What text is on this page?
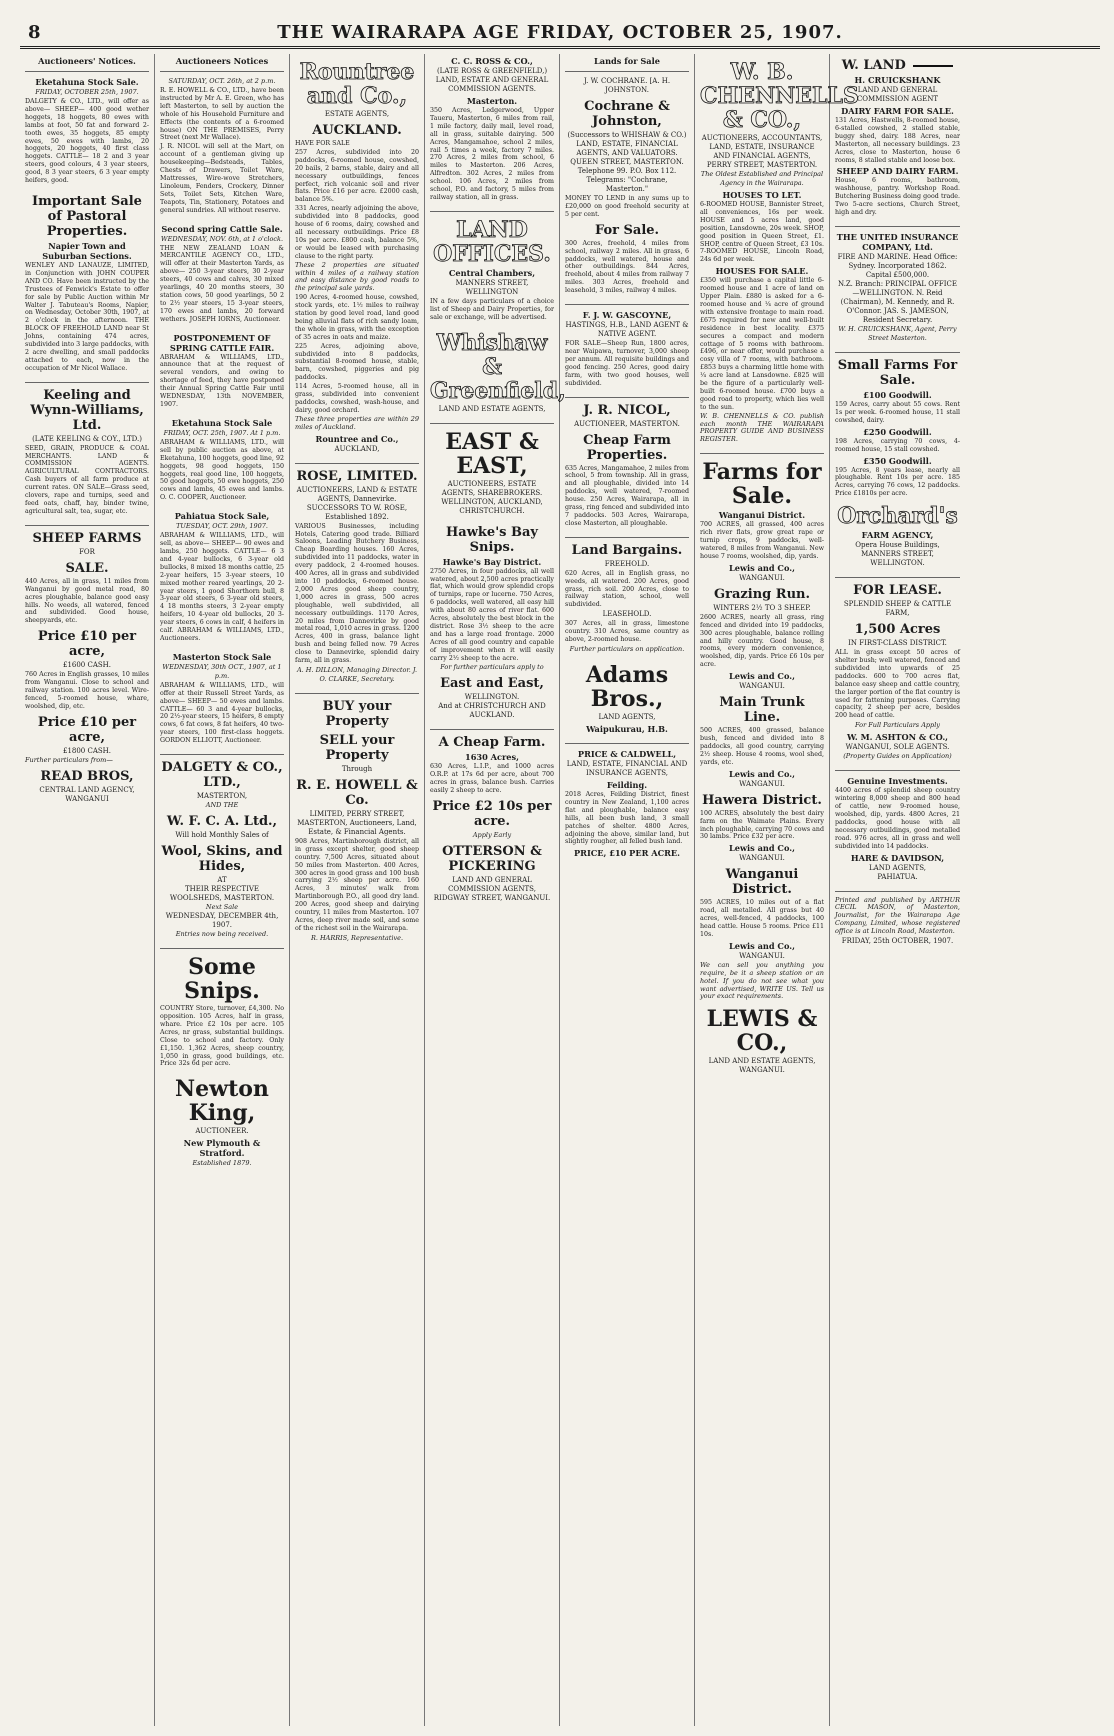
8	THE WAIRARAPA AGE FRIDAY, OCTOBER 25, 1907.
Auctioneers' Notices.
Eketahuna Stock Sale.
FRIDAY, OCTOBER 25th, 1907.
DALGETY & CO., LTD., will offer as above— SHEEP— 400 good wether hoggets, 18 hoggets, 80 ewes with lambs at foot, 50 fat and forward 2-tooth ewes, 35 hoggets, 85 empty ewes, 50 ewes with lambs, 20 hoggets, 20 hoggets, 40 first class hoggets. CATTLE— 18 2 and 3 year steers, good colours, 4 3 year steers, good, 8 3 year steers, 6 3 year empty heifers, good.
Important Sale of Pastoral Properties.
Napier Town and Suburban Sections.
WENLEY AND LANAUZE, LIMITED, in Conjunction with JOHN COUPER AND CO. Have been instructed by the Trustees of Fenwick's Estate to offer for sale by Public Auction within Mr Walter J. Tabuteau's Rooms, Napier, on Wednesday, October 30th, 1907, at 2 o'clock in the afternoon. THE BLOCK OF FREEHOLD LAND near St Johns, containing 474 acres, subdivided into 3 large paddocks, with 2 acre dwelling, and small paddocks attached to each, now in the occupation of Mr Nicol Wallace.
Keeling and Wynn-Williams, Ltd.
(LATE KEELING & COY., LTD.)
SEED, GRAIN, PRODUCE & COAL MERCHANTS. LAND & COMMISSION AGENTS. AGRICULTURAL CONTRACTORS. Cash buyers of all farm produce at current rates. ON SALE—Grass seed, clovers, rape and turnips, seed and feed oats, chaff, hay, binder twine, agricultural salt, tea, sugar, etc.
SHEEP FARMS
FOR
SALE.
440 Acres, all in grass, 11 miles from Wanganui by good metal road, 80 acres ploughable, balance good easy hills. No weeds, all watered, fenced and subdivided. Good house, sheepyards, etc.
Price £10 per acre,
£1600 CASH.
760 Acres in English grasses, 10 miles from Wanganui. Close to school and railway station. 100 acres level. Wire-fenced, 5-roomed house, whare, woolshed, dip, etc.
Price £10 per acre,
£1800 CASH.
Further particulars from—
READ BROS,
CENTRAL LAND AGENCY, WANGANUI
Auctioneers Notices
SATURDAY, OCT. 26th, at 2 p.m.
R. E. HOWELL & CO., LTD., have been instructed by Mr A. E. Green, who has left Masterton, to sell by auction the whole of his Household Furniture and Effects (the contents of a 6-roomed house) ON THE PREMISES, Perry Street (next Mr Wallace).
J. R. NICOL will sell at the Mart, on account of a gentleman giving up housekeeping—Bedsteads, Tables, Chests of Drawers, Toilet Ware, Mattresses, Wire-wove Stretchers, Linoleum, Fenders, Crockery, Dinner Sets, Toilet Sets, Kitchen Ware, Teapots, Tin, Stationery, Potatoes and general sundries. All without reserve.
Second spring Cattle Sale.
WEDNESDAY, NOV. 6th, at 1 o'clock.
THE NEW ZEALAND LOAN & MERCANTILE AGENCY CO., LTD., will offer at their Masterton Yards, as above— 250 3-year steers, 30 2-year steers, 40 cows and calves, 30 mixed yearlings, 40 20 months steers, 30 station cows, 50 good yearlings, 50 2 to 2½ year steers, 15 3-year steers, 170 ewes and lambs, 20 forward wethers. JOSEPH IORNS, Auctioneer.
POSTPONEMENT OF SPRING CATTLE FAIR.
ABRAHAM & WILLIAMS, LTD., announce that at the request of several vendors, and owing to shortage of feed, they have postponed their Annual Spring Cattle Fair until WEDNESDAY, 13th NOVEMBER, 1907.
Eketahuna Stock Sale
FRIDAY, OCT. 25th, 1907. At 1 p.m.
ABRAHAM & WILLIAMS, LTD., will sell by public auction as above, at Eketahuna, 100 hoggets, good line, 92 hoggets, 98 good hoggets, 150 hoggets, real good line, 100 hoggets, 50 good hoggets, 50 ewe hoggets, 250 cows and lambs, 45 ewes and lambs. O. C. COOPER, Auctioneer.
Pahiatua Stock Sale,
TUESDAY, OCT. 29th, 1907.
ABRAHAM & WILLIAMS, LTD., will sell, as above— SHEEP— 90 ewes and lambs, 250 hoggets. CATTLE— 6 3 and 4-year bullocks, 6 3-year old bullocks, 8 mixed 18 months cattle, 25 2-year heifers, 15 3-year steers, 10 mixed mother reared yearlings, 20 2-year steers, 1 good Shorthorn bull, 8 3-year old steers, 6 3-year old steers, 4 18 months steers, 3 2-year empty heifers, 10 4-year old bullocks, 20 3-year steers, 6 cows in calf, 4 heifers in calf. ABRAHAM & WILLIAMS, LTD., Auctioneers.
Masterton Stock Sale
WEDNESDAY, 30th OCT., 1907, at 1 p.m.
ABRAHAM & WILLIAMS, LTD., will offer at their Russell Street Yards, as above— SHEEP— 50 ewes and lambs. CATTLE— 60 3 and 4-year bullocks, 20 2½-year steers, 15 heifers, 8 empty cows, 6 fat cows, 8 fat heifers, 40 two-year steers, 100 first-class hoggets. GORDON ELLIOTT, Auctioneer.
DALGETY & CO., LTD.,
MASTERTON,
AND THE
W. F. C. A. Ltd.,
Will hold Monthly Sales of
Wool, Skins, and Hides,
AT
THEIR RESPECTIVE WOOLSHEDS, MASTERTON.
Next Sale
WEDNESDAY, DECEMBER 4th, 1907.
Entries now being received.
Some Snips.
COUNTRY Store, turnover, £4,300. No opposition. 105 Acres, half in grass, whare. Price £2 10s per acre. 105 Acres, nr grass, substantial buildings. Close to school and factory. Only £1,150. 1,362 Acres, sheep country, 1,050 in grass, good buildings, etc. Price 32s 6d per acre.
Newton King,
AUCTIONEER.
New Plymouth & Stratford.
Established 1879.
Rountree and Co.,
ESTATE AGENTS,
AUCKLAND.
HAVE FOR SALE
257 Acres, subdivided into 20 paddocks, 6-roomed house, cowshed, 20 bails, 2 barns, stable, dairy and all necessary outbuildings, fences perfect, rich volcanic soil and river flats. Price £16 per acre. £2000 cash, balance 5%.
331 Acres, nearly adjoining the above, subdivided into 8 paddocks, good house of 6 rooms, dairy, cowshed and all necessary outbuildings. Price £8 10s per acre. £800 cash, balance 5%, or would be leased with purchasing clause to the right party.
These 2 properties are situated within 4 miles of a railway station and easy distance by good roads to the principal sale yards.
190 Acres, 4-roomed house, cowshed, stock yards, etc. 1½ miles to railway station by good level road, land good being alluvial flats of rich sandy loam, the whole in grass, with the exception of 35 acres in oats and maize.
225 Acres, adjoining above, subdivided into 8 paddocks, substantial 8-roomed house, stable, barn, cowshed, piggeries and pig paddocks.
114 Acres, 5-roomed house, all in grass, subdivided into convenient paddocks, cowshed, wash-house, and dairy, good orchard.
These three properties are within 29 miles of Auckland.
Rountree and Co.,
AUCKLAND,
ROSE, LIMITED.
AUCTIONEERS, LAND & ESTATE AGENTS, Dannevirke. SUCCESSORS TO W. ROSE, Established 1892.
VARIOUS Businesses, including Hotels, Catering good trade. Billiard Saloons, Leading Butchery Business, Cheap Boarding houses. 160 Acres, subdivided into 11 paddocks, water in every paddock, 2 4-roomed houses. 400 Acres, all in grass and subdivided into 10 paddocks, 6-roomed house. 2,000 Acres good sheep country, 1,000 acres in grass, 500 acres ploughable, well subdivided, all necessary outbuildings. 1170 Acres, 20 miles from Dannevirke by good metal road, 1,010 acres in grass. 1200 Acres, 400 in grass, balance light bush and being felled now. 79 Acres close to Dannevirke, splendid dairy farm, all in grass.
A. H. DILLON, Managing Director. J. O. CLARKE, Secretary.
BUY your Property
SELL your Property
Through
R. E. HOWELL & Co.
LIMITED, PERRY STREET, MASTERTON, Auctioneers, Land, Estate, & Financial Agents.
908 Acres, Martinborough district, all in grass except shelter, good sheep country. 7,500 Acres, situated about 50 miles from Masterton. 400 Acres, 300 acres in good grass and 100 bush carrying 2½ sheep per acre. 160 Acres, 3 minutes' walk from Martinborough P.O., all good dry land. 200 Acres, good sheep and dairying country, 11 miles from Masterton. 107 Acres, deep river made soil, and some of the richest soil in the Wairarapa.
R. HARRIS, Representative.
C. C. ROSS & CO.,
(LATE ROSS & GREENFIELD,) LAND, ESTATE AND GENERAL COMMISSION AGENTS.
Masterton.
350 Acres, Ledgerwood, Upper Taueru, Masterton, 6 miles from rail, 1 mile factory, daily mail, level road, all in grass, suitable dairying. 500 Acres, Mangamahoe, school 2 miles, rail 5 times a week, factory 7 miles. 270 Acres, 2 miles from school, 6 miles to Masterton. 206 Acres, Alfredton. 302 Acres, 2 miles from school. 106 Acres, 2 miles from school, P.O. and factory, 5 miles from railway station, all in grass.
LAND OFFICES.
Central Chambers,
MANNERS STREET, WELLINGTON
IN a few days particulars of a choice list of Sheep and Dairy Properties, for sale or exchange, will be advertised.
Whishaw & Greenfield,
LAND AND ESTATE AGENTS,
EAST & EAST,
AUCTIONEERS, ESTATE AGENTS, SHAREBROKERS. WELLINGTON, AUCKLAND, CHRISTCHURCH.
Hawke's Bay Snips.
Hawke's Bay District.
2750 Acres, in four paddocks, all well watered, about 2,500 acres practically flat, which would grow splendid crops of turnips, rape or lucerne. 750 Acres, 6 paddocks, well watered, all easy hill with about 80 acres of river flat. 600 Acres, absolutely the best block in the district. Rose 3½ sheep to the acre and has a large road frontage. 2000 Acres of all good country and capable of improvement when it will easily carry 2½ sheep to the acre.
For further particulars apply to
East and East,
WELLINGTON.
And at CHRISTCHURCH AND AUCKLAND.
A Cheap Farm.
1630 Acres,
630 Acres, L.I.P., and 1000 acres O.R.P. at 17s 6d per acre, about 700 acres in grass, balance bush. Carries easily 2 sheep to acre.
Price £2 10s per acre.
Apply Early
OTTERSON & PICKERING
LAND AND GENERAL COMMISSION AGENTS, RIDGWAY STREET, WANGANUI.
Lands for Sale
J. W. COCHRANE. [A. H. JOHNSTON.
Cochrane & Johnston,
(Successors to WHISHAW & CO.) LAND, ESTATE, FINANCIAL AGENTS, AND VALUATORS.
QUEEN STREET, MASTERTON. Telephone 99. P.O. Box 112. Telegrams: "Cochrane, Masterton."
MONEY TO LEND in any sums up to £20,000 on good freehold security at 5 per cent.
For Sale.
300 Acres, freehold, 4 miles from school, railway 2 miles. All in grass, 6 paddocks, well watered, house and other outbuildings. 844 Acres, freehold, about 4 miles from railway 7 miles. 303 Acres, freehold and leasehold, 3 miles, railway 4 miles.
F. J. W. GASCOYNE,
HASTINGS, H.B., LAND AGENT & NATIVE AGENT.
FOR SALE—Sheep Run, 1800 acres, near Waipawa, turnover, 3,000 sheep per annum. All requisite buildings and good fencing. 250 Acres, good dairy farm, with two good houses, well subdivided.
J. R. NICOL,
AUCTIONEER, MASTERTON.
Cheap Farm Properties.
635 Acres, Mangamahoe, 2 miles from school, 5 from township. All in grass, and all ploughable, divided into 14 paddocks, well watered, 7-roomed house. 250 Acres, Wairarapa, all in grass, ring fenced and subdivided into 7 paddocks. 503 Acres, Wairarapa, close Masterton, all ploughable.
Land Bargains.
FREEHOLD.
620 Acres, all in English grass, no weeds, all watered. 200 Acres, good grass, rich soil. 200 Acres, close to railway station, school, well subdivided.
LEASEHOLD.
307 Acres, all in grass, limestone country. 310 Acres, same country as above, 2-roomed house.
Further particulars on application.
Adams Bros.,
LAND AGENTS,
Waipukurau, H.B.
PRICE & CALDWELL,
LAND, ESTATE, FINANCIAL AND INSURANCE AGENTS,
Feilding.
2018 Acres, Feilding District, finest country in New Zealand, 1,100 acres flat and ploughable, balance easy hills, all been bush land, 3 small patches of shelter. 4800 Acres, adjoining the above, similar land, but slightly rougher, all felled bush land.
PRICE, £10 PER ACRE.
W. B. CHENNELLS & CO.,
AUCTIONEERS, ACCOUNTANTS, LAND, ESTATE, INSURANCE AND FINANCIAL AGENTS,
PERRY STREET, MASTERTON.
The Oldest Established and Principal Agency in the Wairarapa.
HOUSES TO LET.
6-ROOMED HOUSE, Bannister Street, all conveniences, 16s per week. HOUSE and 5 acres land, good position, Lansdowne, 20s week. SHOP, good position in Queen Street, £1. SHOP, centre of Queen Street, £3 10s. 7-ROOMED HOUSE, Lincoln Road, 24s 6d per week.
HOUSES FOR SALE.
£350 will purchase a capital little 6-roomed house and 1 acre of land on Upper Plain. £880 is asked for a 6-roomed house and ¼ acre of ground with extensive frontage to main road. £675 required for new and well-built residence in best locality. £375 secures a compact and modern cottage of 5 rooms with bathroom. £496, or near offer, would purchase a cosy villa of 7 rooms, with bathroom. £853 buys a charming little home with ¼ acre land at Lansdowne. £825 will be the figure of a particularly well-built 6-roomed house. £700 buys a good road to property, which lies well to the sun.
W. B. CHENNELLS & CO. publish each month THE WAIRARAPA PROPERTY GUIDE AND BUSINESS REGISTER.
Farms for Sale.
Wanganui District.
700 ACRES, all grassed, 400 acres rich river flats, grow great rape or turnip crops, 9 paddocks, well-watered, 8 miles from Wanganui. New house 7 rooms, woolshed, dip, yards.
Lewis and Co.,
WANGANUI.
Grazing Run.
WINTERS 2½ TO 3 SHEEP.
2600 ACRES, nearly all grass, ring fenced and divided into 19 paddocks, 300 acres ploughable, balance rolling and hilly country. Good house, 8 rooms, every modern convenience, woolshed, dip, yards. Price £6 10s per acre.
Lewis and Co.,
WANGANUI.
Main Trunk Line.
500 ACRES, 400 grassed, balance bush, fenced and divided into 8 paddocks, all good country, carrying 2½ sheep. House 4 rooms, wool shed, yards, etc.
Lewis and Co.,
WANGANUI.
Hawera District.
100 ACRES, absolutely the best dairy farm on the Waimate Plains. Every inch ploughable, carrying 70 cows and 30 lambs. Price £32 per acre.
Lewis and Co.,
WANGANUI.
Wanganui District.
595 ACRES, 10 miles out of a flat road, all metalled. All grass but 40 acres, well-fenced, 4 paddocks, 100 head cattle. House 5 rooms. Price £11 10s.
Lewis and Co.,
WANGANUI.
We can sell you anything you require, be it a sheep station or an hotel. If you do not see what you want advertised, WRITE US. Tell us your exact requirements.
LEWIS & CO.,
LAND AND ESTATE AGENTS,
WANGANUI.
W. LAND
H. CRUICKSHANK
LAND AND GENERAL COMMISSION AGENT
DAIRY FARM FOR SALE.
131 Acres, Hastwells, 8-roomed house, 6-stalled cowshed, 2 stalled stable, buggy shed, dairy. 188 Acres, near Masterton, all necessary buildings. 23 Acres, close to Masterton, house 6 rooms, 8 stalled stable and loose box.
SHEEP AND DAIRY FARM.
House, 6 rooms, bathroom, washhouse, pantry. Workshop Road. Butchering Business doing good trade. Two 5-acre sections, Church Street, high and dry.
THE UNITED INSURANCE COMPANY, Ltd.
FIRE AND MARINE. Head Office: Sydney. Incorporated 1862. Capital £500,000.
N.Z. Branch: PRINCIPAL OFFICE—WELLINGTON. N. Reid (Chairman), M. Kennedy, and R. O'Connor. JAS. S. JAMESON, Resident Secretary.
W. H. CRUICKSHANK, Agent, Perry Street Masterton.
Small Farms For Sale.
£100 Goodwill.
159 Acres, carry about 55 cows. Rent 1s per week. 6-roomed house, 11 stall cowshed, dairy.
£250 Goodwill.
198 Acres, carrying 70 cows, 4-roomed house, 15 stall cowshed.
£350 Goodwill.
195 Acres, 8 years lease, nearly all ploughable. Rent 10s per acre. 185 Acres, carrying 76 cows, 12 paddocks. Price £1810s per acre.
Orchard's
FARM AGENCY,
Opera House Buildings, MANNERS STREET, WELLINGTON.
FOR LEASE.
SPLENDID SHEEP & CATTLE FARM,
1,500 Acres
IN FIRST-CLASS DISTRICT.
ALL in grass except 50 acres of shelter bush; well watered, fenced and subdivided into upwards of 25 paddocks. 600 to 700 acres flat, balance easy sheep and cattle country, the larger portion of the flat country is used for fattening purposes. Carrying capacity, 2 sheep per acre, besides 200 head of cattle.
For Full Particulars Apply
W. M. ASHTON & CO.,
WANGANUI, SOLE AGENTS.
(Property Guides on Application)
Genuine Investments.
4400 acres of splendid sheep country wintering 8,000 sheep and 800 head of cattle, new 9-roomed house, woolshed, dip, yards. 4800 Acres, 21 paddocks, good house with all necessary outbuildings, good metalled road. 976 acres, all in grass and well subdivided into 14 paddocks.
HARE & DAVIDSON,
LAND AGENTS,
PAHIATUA.
Printed and published by ARTHUR CECIL MASON, of Masterton, Journalist, for the Wairarapa Age Company, Limited, whose registered office is at Lincoln Road, Masterton.
FRIDAY, 25th OCTOBER, 1907.
